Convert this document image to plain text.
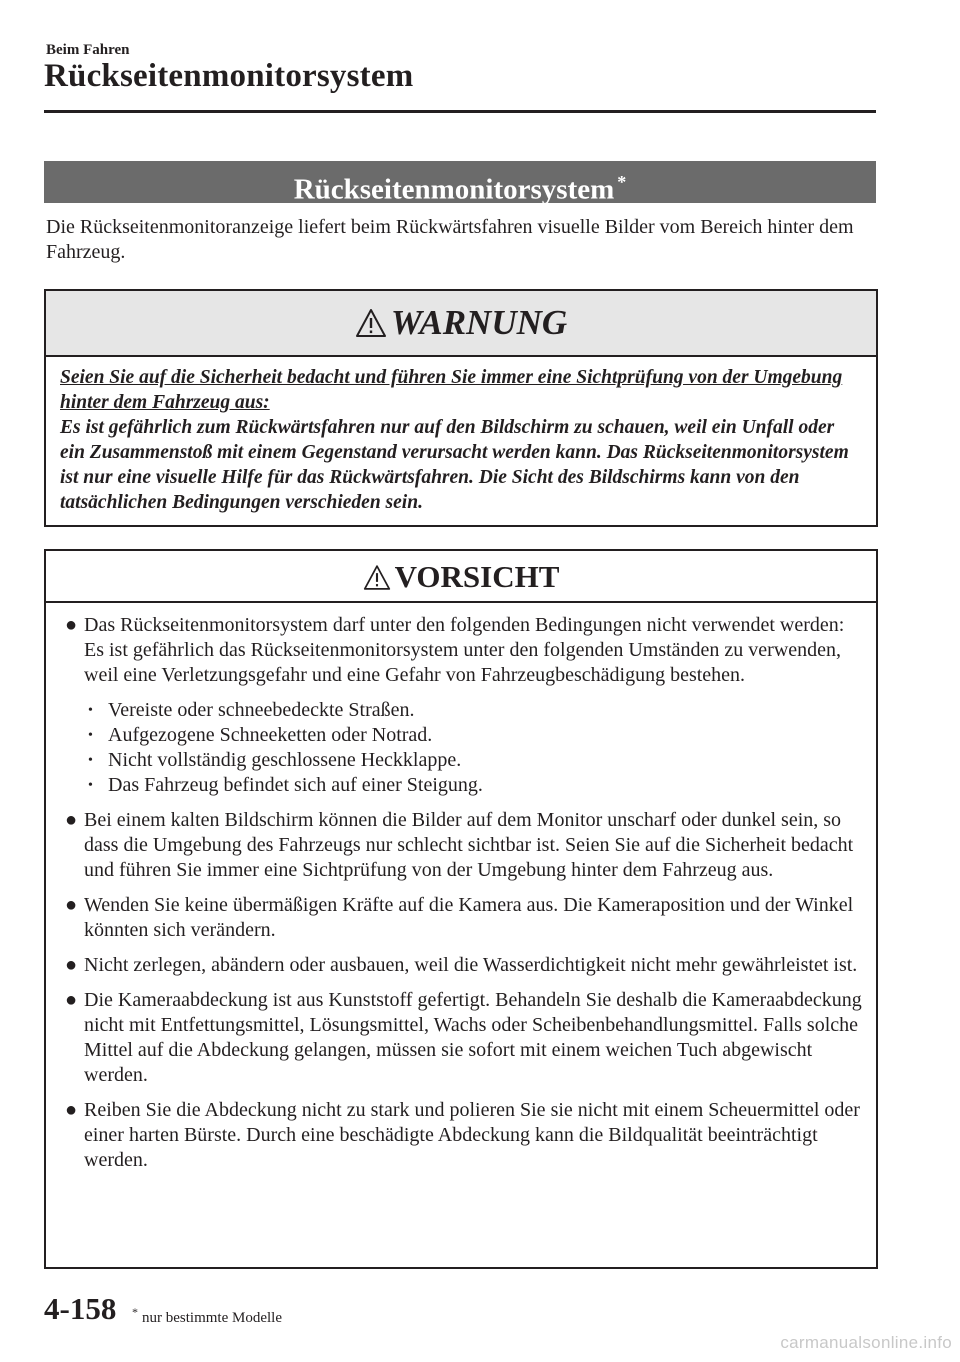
Beim Fahren
Rückseitenmonitorsystem
Rückseitenmonitorsystem *
Die Rückseitenmonitoranzeige liefert beim Rückwärtsfahren visuelle Bilder vom Bereich hinter dem Fahrzeug.
WARNUNG
Seien Sie auf die Sicherheit bedacht und führen Sie immer eine Sichtprüfung von der Umgebung hinter dem Fahrzeug aus:
Es ist gefährlich zum Rückwärtsfahren nur auf den Bildschirm zu schauen, weil ein Unfall oder ein Zusammenstoß mit einem Gegenstand verursacht werden kann. Das Rückseitenmonitorsystem ist nur eine visuelle Hilfe für das Rückwärtsfahren. Die Sicht des Bildschirms kann von den tatsächlichen Bedingungen verschieden sein.
VORSICHT
● Das Rückseitenmonitorsystem darf unter den folgenden Bedingungen nicht verwendet werden: Es ist gefährlich das Rückseitenmonitorsystem unter den folgenden Umständen zu verwenden, weil eine Verletzungsgefahr und eine Gefahr von Fahrzeugbeschädigung bestehen.
• Vereiste oder schneebedeckte Straßen.
• Aufgezogene Schneeketten oder Notrad.
• Nicht vollständig geschlossene Heckklappe.
• Das Fahrzeug befindet sich auf einer Steigung.
● Bei einem kalten Bildschirm können die Bilder auf dem Monitor unscharf oder dunkel sein, so dass die Umgebung des Fahrzeugs nur schlecht sichtbar ist. Seien Sie auf die Sicherheit bedacht und führen Sie immer eine Sichtprüfung von der Umgebung hinter dem Fahrzeug aus.
● Wenden Sie keine übermäßigen Kräfte auf die Kamera aus. Die Kameraposition und der Winkel könnten sich verändern.
● Nicht zerlegen, abändern oder ausbauen, weil die Wasserdichtigkeit nicht mehr gewährleistet ist.
● Die Kameraabdeckung ist aus Kunststoff gefertigt. Behandeln Sie deshalb die Kameraabdeckung nicht mit Entfettungsmittel, Lösungsmittel, Wachs oder Scheibenbehandlungsmittel. Falls solche Mittel auf die Abdeckung gelangen, müssen sie sofort mit einem weichen Tuch abgewischt werden.
● Reiben Sie die Abdeckung nicht zu stark und polieren Sie sie nicht mit einem Scheuermittel oder einer harten Bürste. Durch eine beschädigte Abdeckung kann die Bildqualität beeinträchtigt werden.
4-158 * nur bestimmte Modelle
carmanualsonline.info
